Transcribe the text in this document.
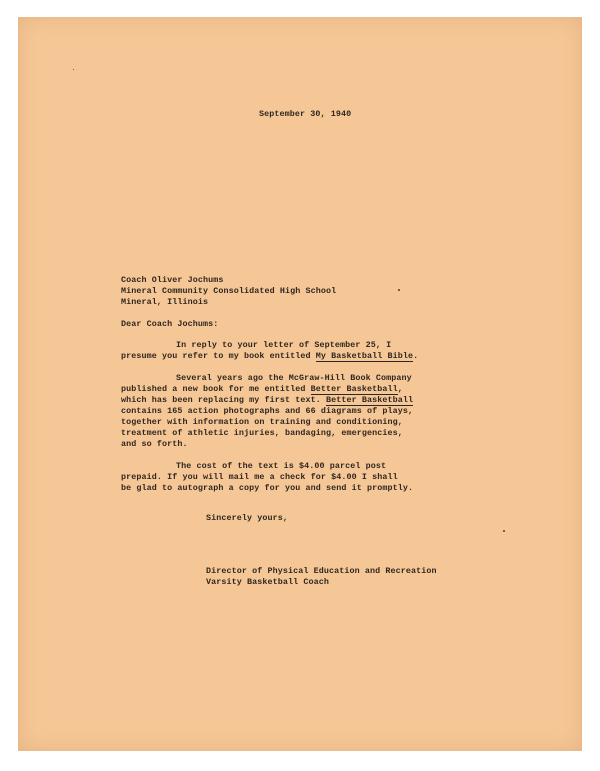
September 30, 1940
Coach Oliver Jochums
Mineral Community Consolidated High School
Mineral, Illinois
Dear Coach Jochums:
In reply to your letter of September 25, I
presume you refer to my book entitled My Basketball Bible.
Several years ago the McGraw-Hill Book Company
published a new book for me entitled Better Basketball,
which has been replacing my first text. Better Basketball
contains 165 action photographs and 66 diagrams of plays,
together with information on training and conditioning,
treatment of athletic injuries, bandaging, emergencies,
and so forth.
The cost of the text is $4.00 parcel post
prepaid. If you will mail me a check for $4.00 I shall
be glad to autograph a copy for you and send it promptly.
Sincerely yours,
Director of Physical Education and Recreation
Varsity Basketball Coach
